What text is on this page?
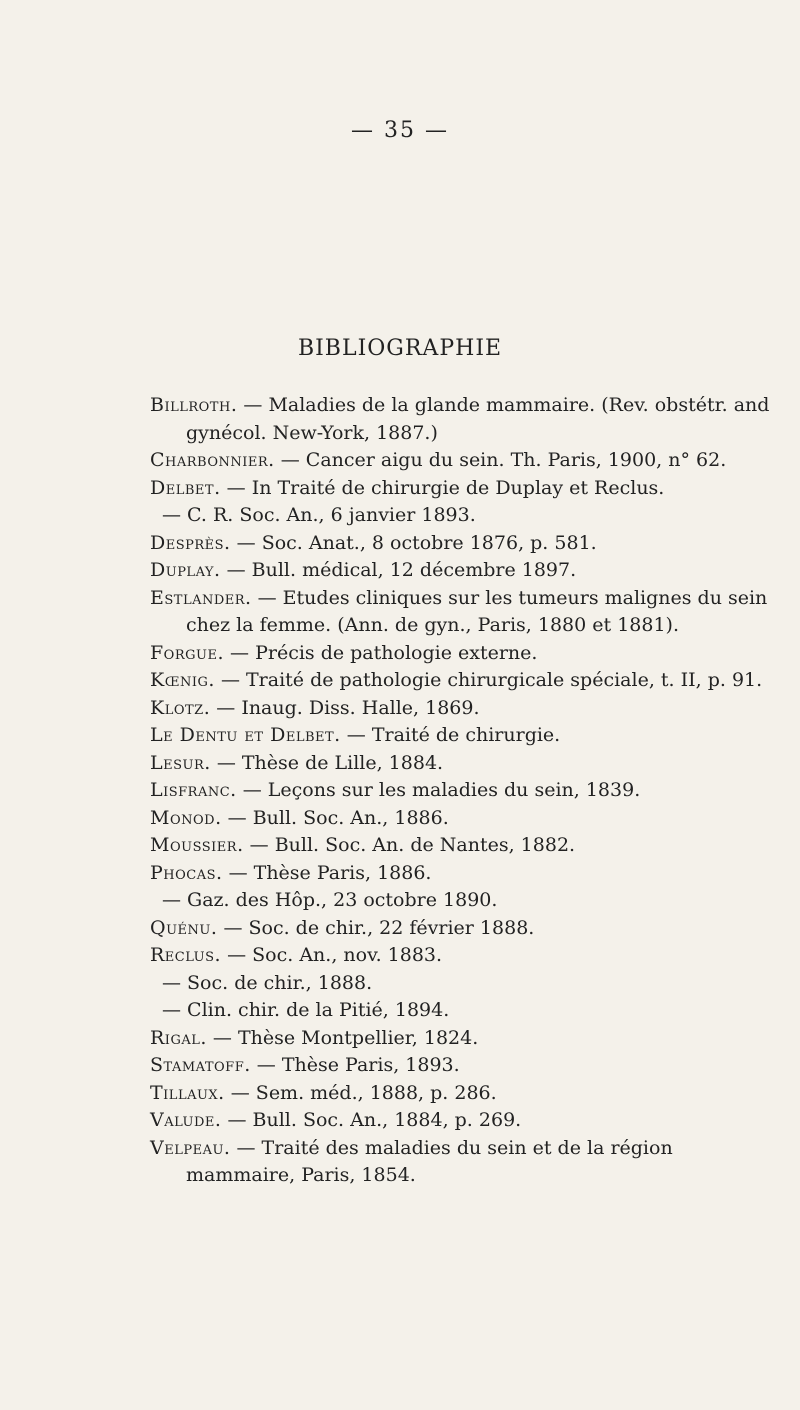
— 35 —
BIBLIOGRAPHIE
Billroth. — Maladies de la glande mammaire. (Rev. obstétr. and gynécol. New-York, 1887.)
Charbonnier. — Cancer aigu du sein. Th. Paris, 1900, n° 62.
Delbet. — In Traité de chirurgie de Duplay et Reclus.
— C. R. Soc. An., 6 janvier 1893.
Desprès. — Soc. Anat., 8 octobre 1876, p. 581.
Duplay. — Bull. médical, 12 décembre 1897.
Estlander. — Etudes cliniques sur les tumeurs malignes du sein chez la femme. (Ann. de gyn., Paris, 1880 et 1881).
Forgue. — Précis de pathologie externe.
Kœnig. — Traité de pathologie chirurgicale spéciale, t. II, p. 91.
Klotz. — Inaug. Diss. Halle, 1869.
Le Dentu et Delbet. — Traité de chirurgie.
Lesur. — Thèse de Lille, 1884.
Lisfranc. — Leçons sur les maladies du sein, 1839.
Monod. — Bull. Soc. An., 1886.
Moussier. — Bull. Soc. An. de Nantes, 1882.
Phocas. — Thèse Paris, 1886.
— Gaz. des Hôp., 23 octobre 1890.
Quénu. — Soc. de chir., 22 février 1888.
Reclus. — Soc. An., nov. 1883.
— Soc. de chir., 1888.
— Clin. chir. de la Pitié, 1894.
Rigal. — Thèse Montpellier, 1824.
Stamatoff. — Thèse Paris, 1893.
Tillaux. — Sem. méd., 1888, p. 286.
Valude. — Bull. Soc. An., 1884, p. 269.
Velpeau. — Traité des maladies du sein et de la région mammaire, Paris, 1854.
